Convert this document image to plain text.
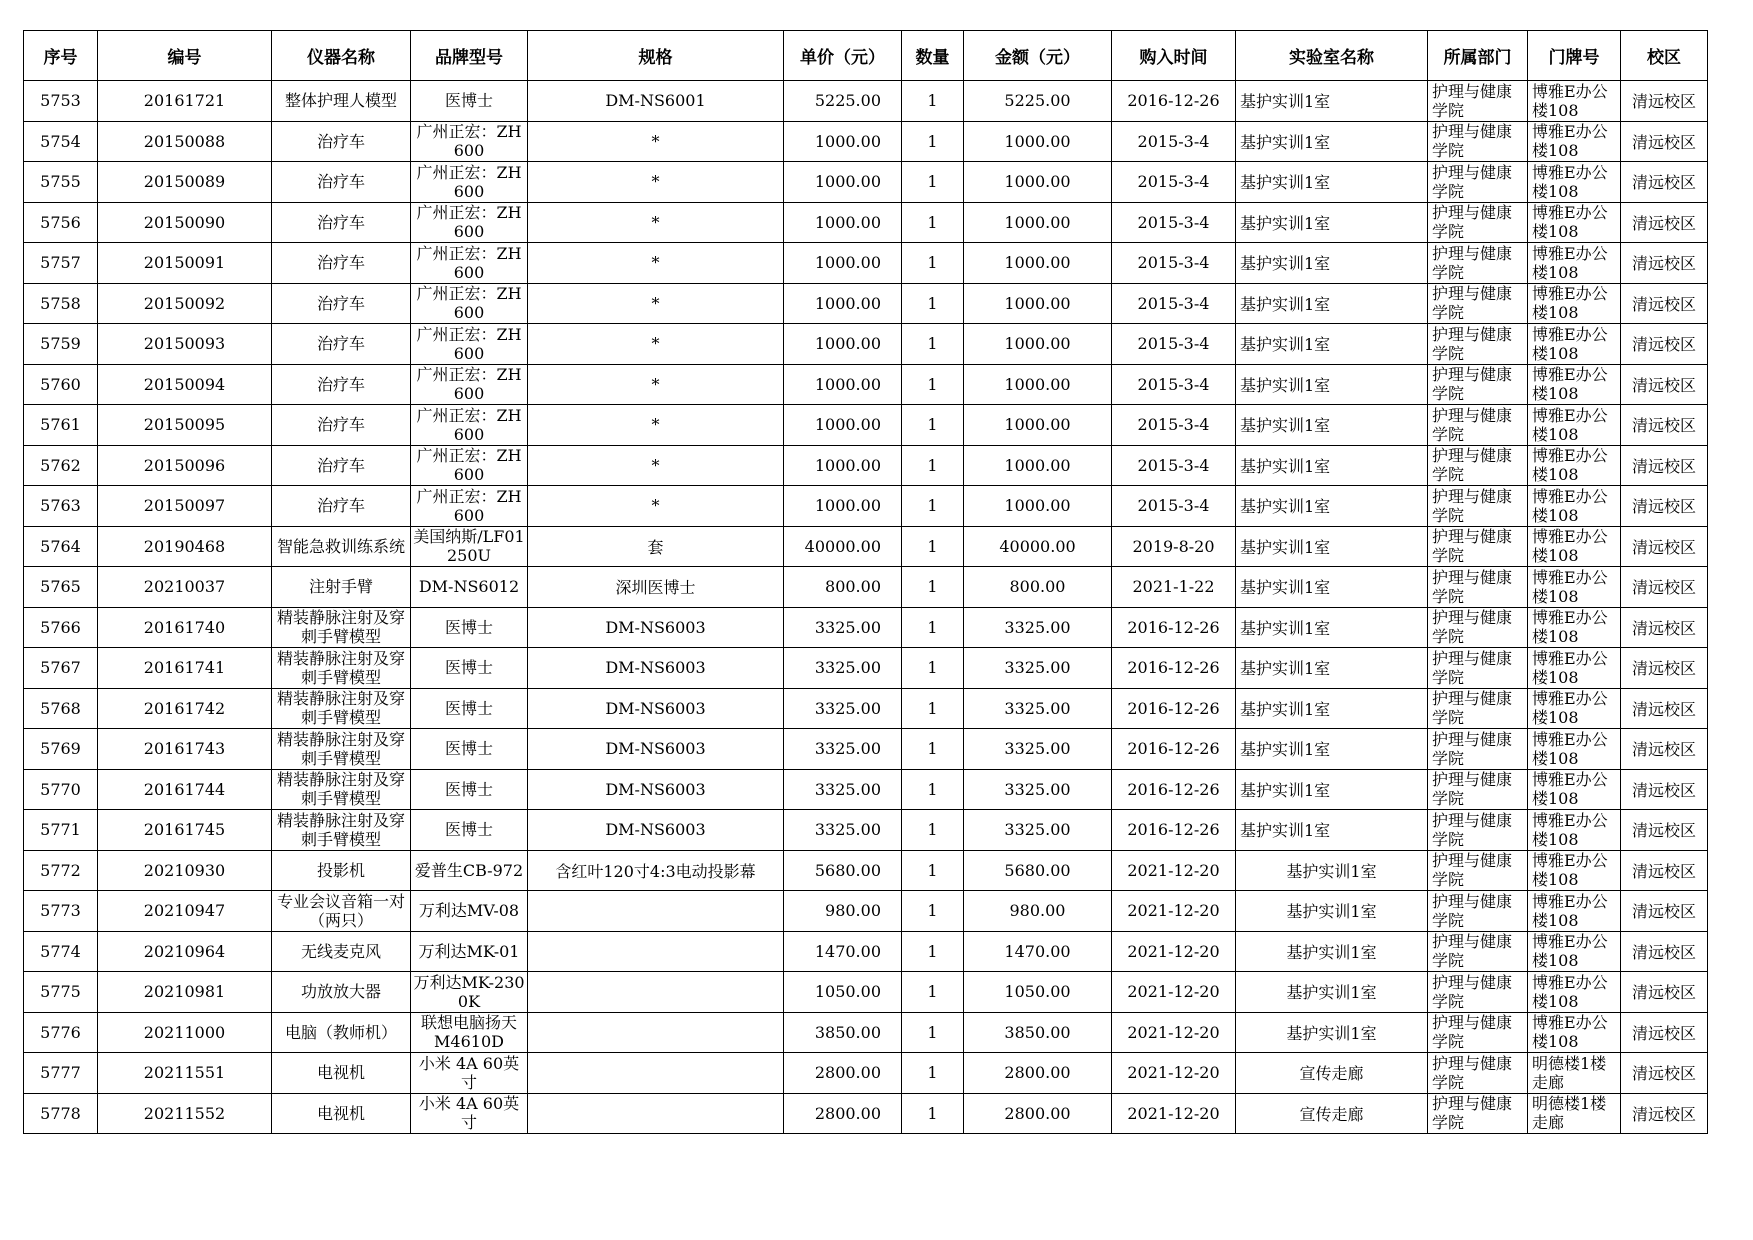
序号	编号	仪器名称	品牌型号	规格	单价（元）	数量	金额（元）	购入时间	实验室名称	所属部门	门牌号	校区
5753	20161721	整体护理人模型	医博士	DM-NS6001	5225.00	1	5225.00	2016-12-26	基护实训1室	护理与健康学院	博雅E办公楼108	清远校区
5754	20150088	治疗车	广州正宏：ZH600	*	1000.00	1	1000.00	2015-3-4	基护实训1室	护理与健康学院	博雅E办公楼108	清远校区
5755	20150089	治疗车	广州正宏：ZH600	*	1000.00	1	1000.00	2015-3-4	基护实训1室	护理与健康学院	博雅E办公楼108	清远校区
5756	20150090	治疗车	广州正宏：ZH600	*	1000.00	1	1000.00	2015-3-4	基护实训1室	护理与健康学院	博雅E办公楼108	清远校区
5757	20150091	治疗车	广州正宏：ZH600	*	1000.00	1	1000.00	2015-3-4	基护实训1室	护理与健康学院	博雅E办公楼108	清远校区
5758	20150092	治疗车	广州正宏：ZH600	*	1000.00	1	1000.00	2015-3-4	基护实训1室	护理与健康学院	博雅E办公楼108	清远校区
5759	20150093	治疗车	广州正宏：ZH600	*	1000.00	1	1000.00	2015-3-4	基护实训1室	护理与健康学院	博雅E办公楼108	清远校区
5760	20150094	治疗车	广州正宏：ZH600	*	1000.00	1	1000.00	2015-3-4	基护实训1室	护理与健康学院	博雅E办公楼108	清远校区
5761	20150095	治疗车	广州正宏：ZH600	*	1000.00	1	1000.00	2015-3-4	基护实训1室	护理与健康学院	博雅E办公楼108	清远校区
5762	20150096	治疗车	广州正宏：ZH600	*	1000.00	1	1000.00	2015-3-4	基护实训1室	护理与健康学院	博雅E办公楼108	清远校区
5763	20150097	治疗车	广州正宏：ZH600	*	1000.00	1	1000.00	2015-3-4	基护实训1室	护理与健康学院	博雅E办公楼108	清远校区
5764	20190468	智能急救训练系统	美国纳斯/LF01250U	套	40000.00	1	40000.00	2019-8-20	基护实训1室	护理与健康学院	博雅E办公楼108	清远校区
5765	20210037	注射手臂	DM-NS6012	深圳医博士	800.00	1	800.00	2021-1-22	基护实训1室	护理与健康学院	博雅E办公楼108	清远校区
5766	20161740	精装静脉注射及穿刺手臂模型	医博士	DM-NS6003	3325.00	1	3325.00	2016-12-26	基护实训1室	护理与健康学院	博雅E办公楼108	清远校区
5767	20161741	精装静脉注射及穿刺手臂模型	医博士	DM-NS6003	3325.00	1	3325.00	2016-12-26	基护实训1室	护理与健康学院	博雅E办公楼108	清远校区
5768	20161742	精装静脉注射及穿刺手臂模型	医博士	DM-NS6003	3325.00	1	3325.00	2016-12-26	基护实训1室	护理与健康学院	博雅E办公楼108	清远校区
5769	20161743	精装静脉注射及穿刺手臂模型	医博士	DM-NS6003	3325.00	1	3325.00	2016-12-26	基护实训1室	护理与健康学院	博雅E办公楼108	清远校区
5770	20161744	精装静脉注射及穿刺手臂模型	医博士	DM-NS6003	3325.00	1	3325.00	2016-12-26	基护实训1室	护理与健康学院	博雅E办公楼108	清远校区
5771	20161745	精装静脉注射及穿刺手臂模型	医博士	DM-NS6003	3325.00	1	3325.00	2016-12-26	基护实训1室	护理与健康学院	博雅E办公楼108	清远校区
5772	20210930	投影机	爱普生CB-972	含红叶120寸4:3电动投影幕	5680.00	1	5680.00	2021-12-20	基护实训1室	护理与健康学院	博雅E办公楼108	清远校区
5773	20210947	专业会议音箱一对（两只）	万利达MV-08		980.00	1	980.00	2021-12-20	基护实训1室	护理与健康学院	博雅E办公楼108	清远校区
5774	20210964	无线麦克风	万利达MK-01		1470.00	1	1470.00	2021-12-20	基护实训1室	护理与健康学院	博雅E办公楼108	清远校区
5775	20210981	功放放大器	万利达MK-2300K		1050.00	1	1050.00	2021-12-20	基护实训1室	护理与健康学院	博雅E办公楼108	清远校区
5776	20211000	电脑（教师机）	联想电脑扬天M4610D		3850.00	1	3850.00	2021-12-20	基护实训1室	护理与健康学院	博雅E办公楼108	清远校区
5777	20211551	电视机	小米 4A 60英寸		2800.00	1	2800.00	2021-12-20	宣传走廊	护理与健康学院	明德楼1楼走廊	清远校区
5778	20211552	电视机	小米 4A 60英寸		2800.00	1	2800.00	2021-12-20	宣传走廊	护理与健康学院	明德楼1楼走廊	清远校区
